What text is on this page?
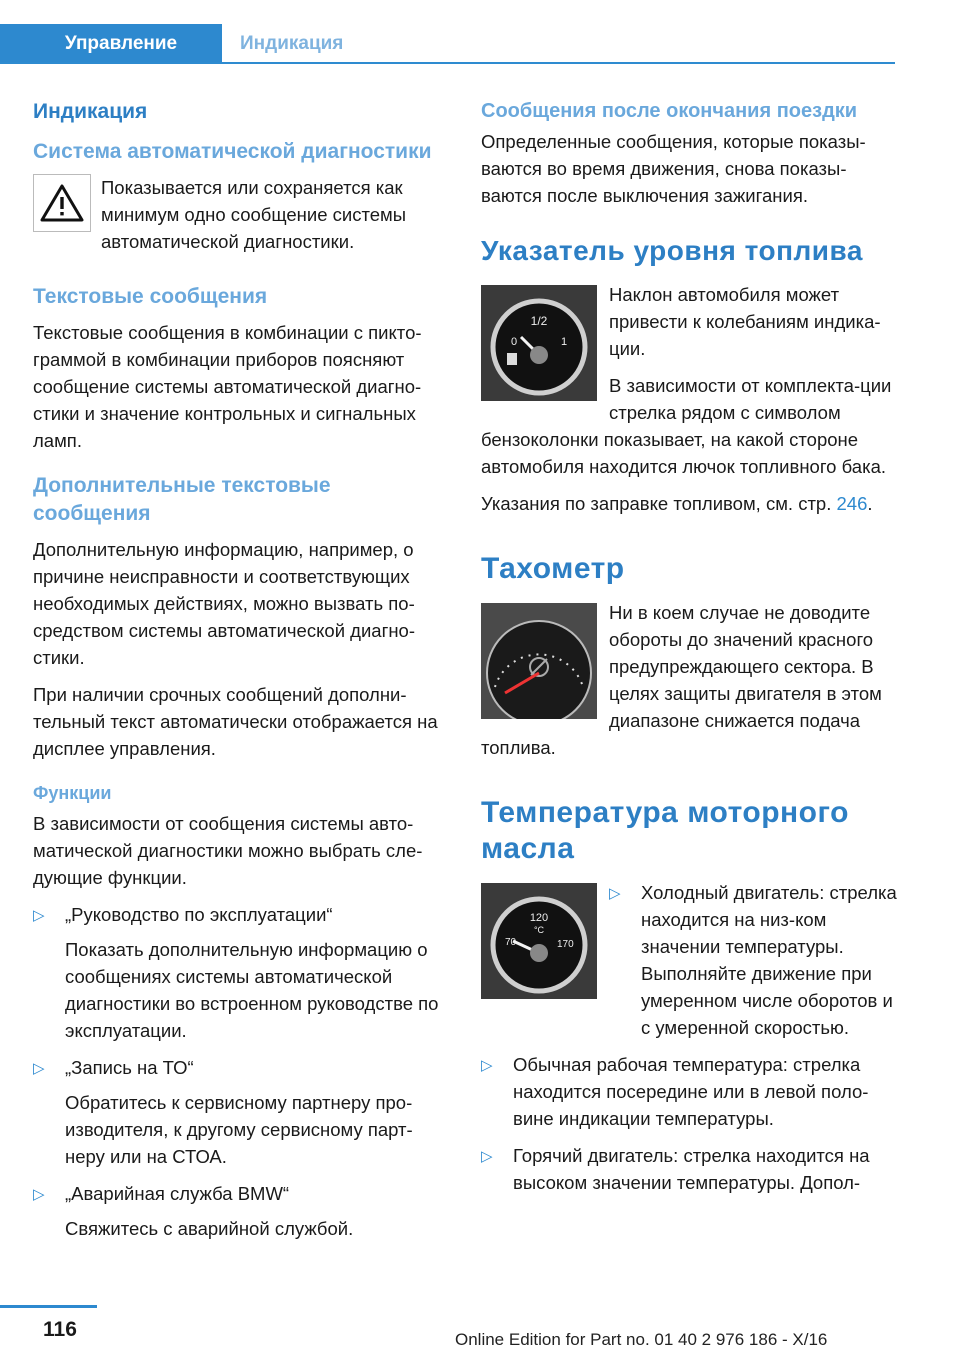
Управление	Индикация

Индикация

Система автоматической диагностики

Показывается или сохраняется как минимум одно сообщение системы автоматической диагностики.

Текстовые сообщения

Текстовые сообщения в комбинации с пикто-граммой в комбинации приборов поясняют сообщение системы автоматической диагно-стики и значение контрольных и сигнальных ламп.

Дополнительные текстовые сообщения

Дополнительную информацию, например, о причине неисправности и соответствующих необходимых действиях, можно вызвать по-средством системы автоматической диагно-стики.

При наличии срочных сообщений дополни-тельный текст автоматически отображается на дисплее управления.

Функции

В зависимости от сообщения системы авто-матической диагностики можно выбрать сле-дующие функции.

▷	„Руководство по эксплуатации“
Показать дополнительную информацию о сообщениях системы автоматической диагностики во встроенном руководстве по эксплуатации.
▷	„Запись на ТО“
Обратитесь к сервисному партнеру про-изводителя, к другому сервисному парт-неру или на СТОА.
▷	„Аварийная служба BMW“
Свяжитесь с аварийной службой.

Сообщения после окончания поездки

Определенные сообщения, которые показы-ваются во время движения, снова показы-ваются после выключения зажигания.

Указатель уровня топлива

1/2
0	1

Наклон автомобиля может привести к колебаниям индика-ции.

В зависимости от комплекта-ции стрелка рядом с символом бензоколонки показывает, на какой стороне автомобиля находится лючок топливного бака.

Указания по заправке топливом, см. стр. 246.

Тахометр

Ни в коем случае не доводите обороты до значений красного предупреждающего сектора. В целях защиты двигателя в этом диапазоне снижается подача топлива.

Температура моторного масла

120
°C
70	170
▷	Холодный двигатель: стрелка находится на низ-ком значении температуры. Выполняйте движение при умеренном числе оборотов и с умеренной скоростью.
▷	Обычная рабочая температура: стрелка находится посередине или в левой поло-вине индикации температуры.
▷	Горячий двигатель: стрелка находится на высоком значении температуры. Допол-
116	Online Edition for Part no. 01 40 2 976 186 - X/16
